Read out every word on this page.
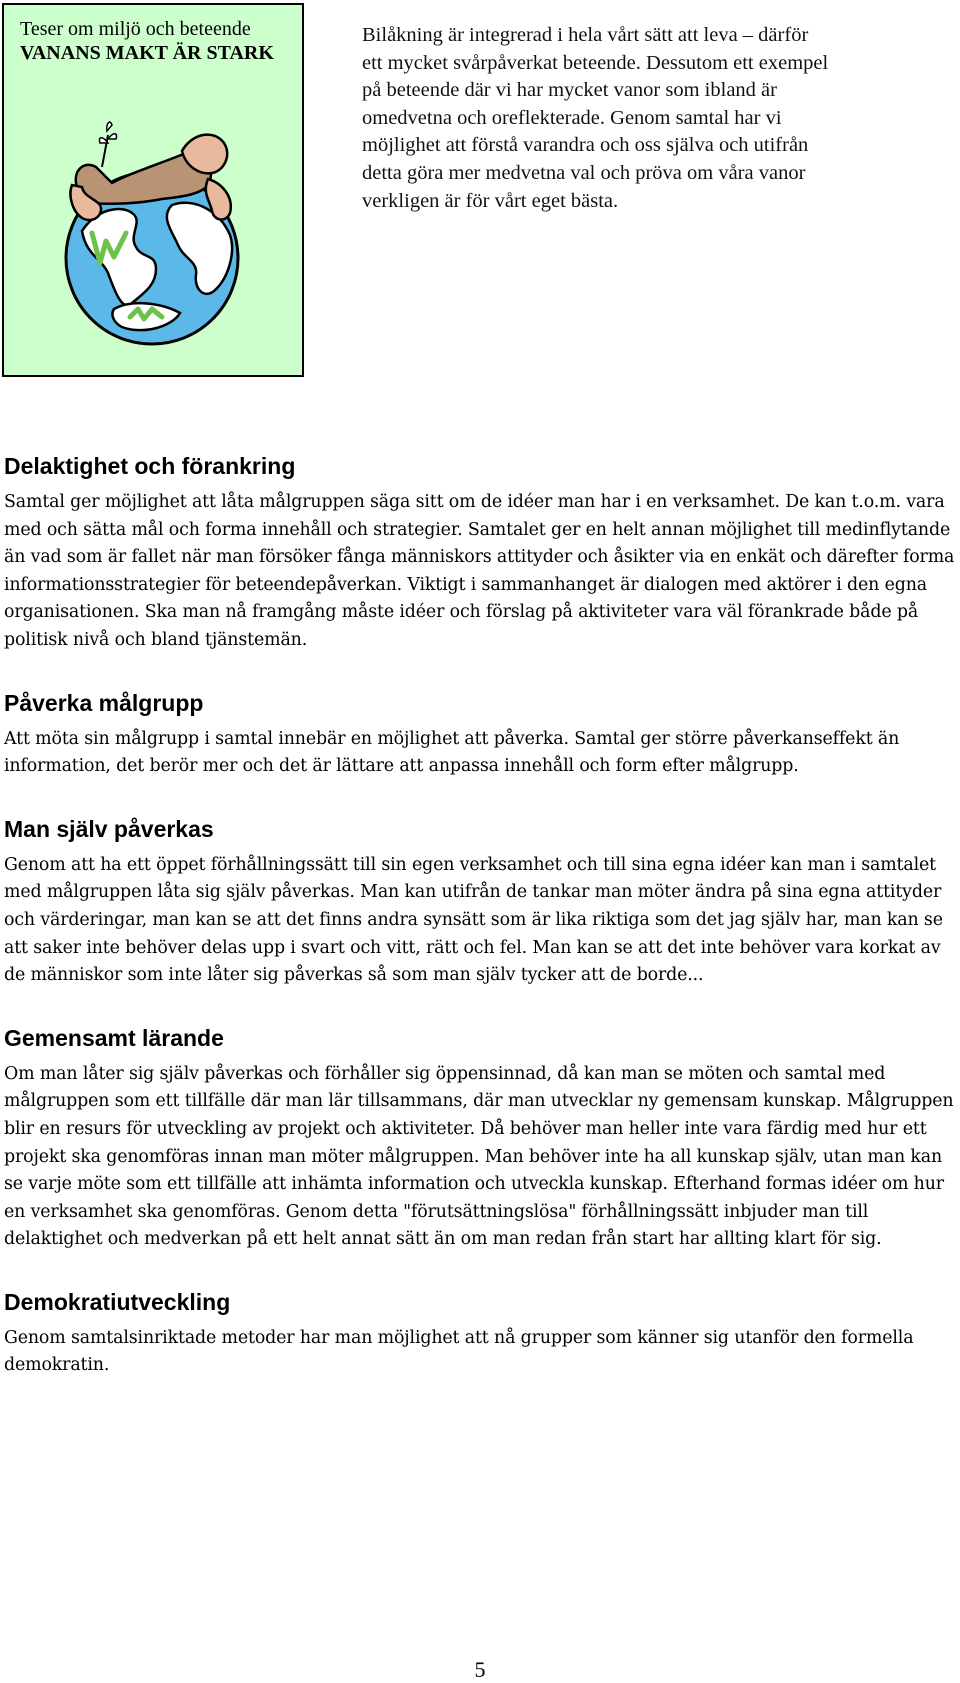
Teser om miljö och beteende
VANANS MAKT ÄR STARK
Bilåkning är integrerad i hela vårt sätt att leva – därför ett mycket svårpåverkat beteende. Dessutom ett exempel på beteende där vi har mycket vanor som ibland är omedvetna och oreflekterade. Genom samtal har vi möjlighet att förstå varandra och oss själva och utifrån detta göra mer medvetna val och pröva om våra vanor verkligen är för vårt eget bästa.
Delaktighet och förankring

Samtal ger möjlighet att låta målgruppen säga sitt om de idéer man har i en verksamhet. De kan t.o.m. vara med och sätta mål och forma innehåll och strategier. Samtalet ger en helt annan möjlighet till medinflytande än vad som är fallet när man försöker fånga människors attityder och åsikter via en enkät och därefter forma informationsstrategier för beteendepåverkan. Viktigt i sammanhanget är dialogen med aktörer i den egna organisationen. Ska man nå framgång måste idéer och förslag på aktiviteter vara väl förankrade både på politisk nivå och bland tjänstemän.

Påverka målgrupp

Att möta sin målgrupp i samtal innebär en möjlighet att påverka. Samtal ger större påverkanseffekt än information, det berör mer och det är lättare att anpassa innehåll och form efter målgrupp.

Man själv påverkas

Genom att ha ett öppet förhållningssätt till sin egen verksamhet och till sina egna idéer kan man i samtalet med målgruppen låta sig själv påverkas. Man kan utifrån de tankar man möter ändra på sina egna attityder och värderingar, man kan se att det finns andra synsätt som är lika riktiga som det jag själv har, man kan se att saker inte behöver delas upp i svart och vitt, rätt och fel. Man kan se att det inte behöver vara korkat av de människor som inte låter sig påverkas så som man själv tycker att de borde...

Gemensamt lärande

Om man låter sig själv påverkas och förhåller sig öppensinnad, då kan man se möten och samtal med målgruppen som ett tillfälle där man lär tillsammans, där man utvecklar ny gemensam kunskap. Målgruppen blir en resurs för utveckling av projekt och aktiviteter. Då behöver man heller inte vara färdig med hur ett projekt ska genomföras innan man möter målgruppen. Man behöver inte ha all kunskap själv, utan man kan se varje möte som ett tillfälle att inhämta information och utveckla kunskap. Efterhand formas idéer om hur en verksamhet ska genomföras. Genom detta "förutsättningslösa" förhållningssätt inbjuder man till delaktighet och medverkan på ett helt annat sätt än om man redan från start har allting klart för sig.

Demokratiutveckling

Genom samtalsinriktade metoder har man möjlighet att nå grupper som känner sig utanför den formella demokratin.

5
